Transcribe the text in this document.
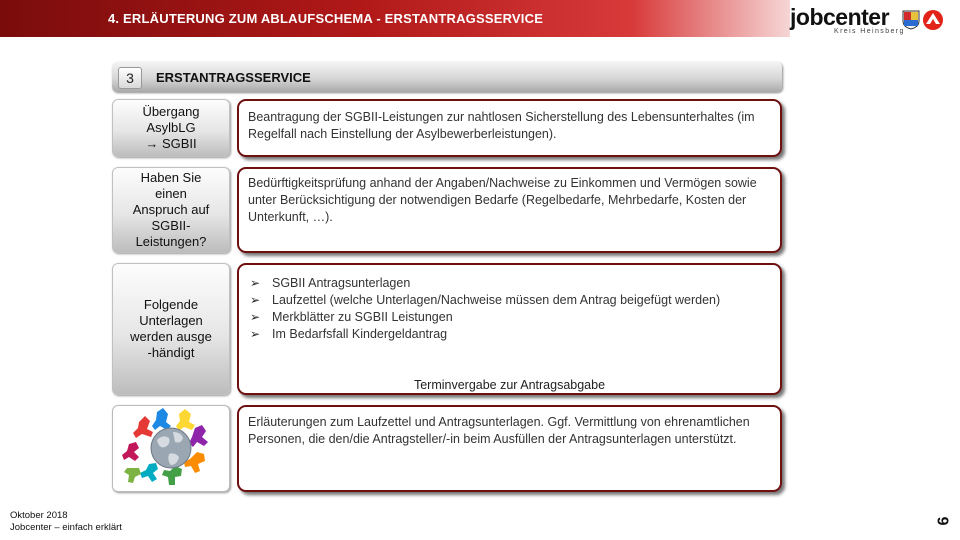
4. ERLÄUTERUNG ZUM ABLAUFSCHEMA - ERSTANTRAGSSERVICE	jobcenter
Kreis Heinsberg
3	ERSTANTRAGSSERVICE
Übergang
AsylbLG
→ SGBII
Beantragung der SGBII-Leistungen zur nahtlosen Sicherstellung des Lebensunterhaltes (im Regelfall nach Einstellung der Asylbewerberleistungen).
Haben Sie
einen
Anspruch auf
SGBII-
Leistungen?
Bedürftigkeitsprüfung anhand der Angaben/Nachweise zu Einkommen und Vermögen sowie unter Berücksichtigung der notwendigen Bedarfe (Regelbedarfe, Mehrbedarfe, Kosten der Unterkunft, …).
Folgende
Unterlagen
werden ausge
-händigt
➢ SGBII Antragsunterlagen
➢ Laufzettel (welche Unterlagen/Nachweise müssen dem Antrag beigefügt werden)
➢ Merkblätter zu SGBII Leistungen
➢ Im Bedarfsfall Kindergeldantrag
Terminvergabe zur Antragsabgabe
Erläuterungen zum Laufzettel und Antragsunterlagen. Ggf. Vermittlung von ehrenamtlichen Personen, die den/die Antragsteller/-in beim Ausfüllen der Antragsunterlagen unterstützt.
Oktober 2018
Jobcenter – einfach erklärt
6
